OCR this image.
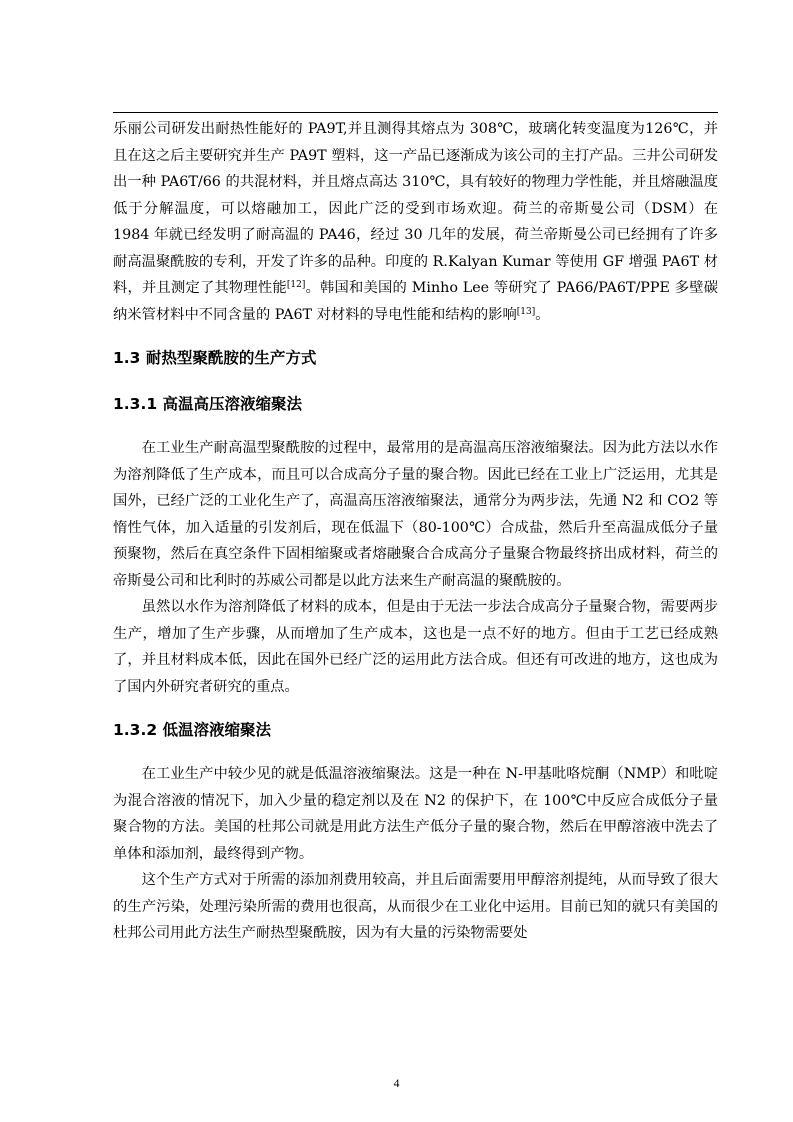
乐丽公司研发出耐热性能好的 PA9T,并且测得其熔点为 308℃，玻璃化转变温度为126℃，并且在这之后主要研究并生产 PA9T 塑料，这一产品已逐渐成为该公司的主打产品。三井公司研发出一种 PA6T/66 的共混材料，并且熔点高达 310℃，具有较好的物理力学性能，并且熔融温度低于分解温度，可以熔融加工，因此广泛的受到市场欢迎。荷兰的帝斯曼公司（DSM）在 1984 年就已经发明了耐高温的 PA46，经过 30 几年的发展，荷兰帝斯曼公司已经拥有了许多耐高温聚酰胺的专利，开发了许多的品种。印度的 R.Kalyan Kumar 等使用 GF 增强 PA6T 材料，并且测定了其物理性能[12]。韩国和美国的 Minho Lee 等研究了 PA66/PA6T/PPE 多壁碳纳米管材料中不同含量的 PA6T 对材料的导电性能和结构的影响[13]。

1.3 耐热型聚酰胺的生产方式
1.3.1 高温高压溶液缩聚法

在工业生产耐高温型聚酰胺的过程中，最常用的是高温高压溶液缩聚法。因为此方法以水作为溶剂降低了生产成本，而且可以合成高分子量的聚合物。因此已经在工业上广泛运用，尤其是国外，已经广泛的工业化生产了，高温高压溶液缩聚法，通常分为两步法，先通 N2 和 CO2 等惰性气体，加入适量的引发剂后，现在低温下（80-100℃）合成盐，然后升至高温成低分子量预聚物，然后在真空条件下固相缩聚或者熔融聚合合成高分子量聚合物最终挤出成材料，荷兰的帝斯曼公司和比利时的苏威公司都是以此方法来生产耐高温的聚酰胺的。

虽然以水作为溶剂降低了材料的成本，但是由于无法一步法合成高分子量聚合物，需要两步生产，增加了生产步骤，从而增加了生产成本，这也是一点不好的地方。但由于工艺已经成熟了，并且材料成本低，因此在国外已经广泛的运用此方法合成。但还有可改进的地方，这也成为了国内外研究者研究的重点。

1.3.2 低温溶液缩聚法

在工业生产中较少见的就是低温溶液缩聚法。这是一种在 N-甲基吡咯烷酮（NMP）和吡啶为混合溶液的情况下，加入少量的稳定剂以及在 N2 的保护下，在 100℃中反应合成低分子量聚合物的方法。美国的杜邦公司就是用此方法生产低分子量的聚合物，然后在甲醇溶液中洗去了单体和添加剂，最终得到产物。

这个生产方式对于所需的添加剂费用较高，并且后面需要用甲醇溶剂提纯，从而导致了很大的生产污染，处理污染所需的费用也很高，从而很少在工业化中运用。目前已知的就只有美国的杜邦公司用此方法生产耐热型聚酰胺，因为有大量的污染物需要处

4
